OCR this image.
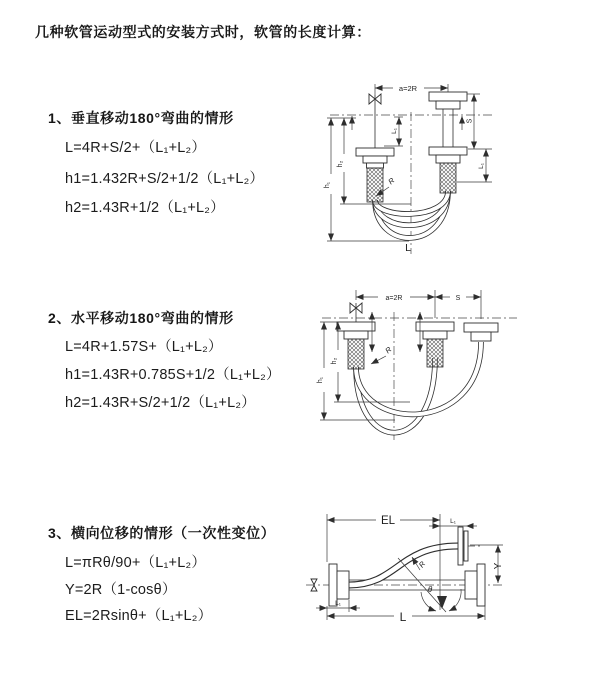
几种软管运动型式的安装方式时，软管的长度计算：
1、垂直移动180°弯曲的情形
L=4R+S/2+（L₁+L₂）
h1=1.432R+S/2+1/2（L₁+L₂）
h2=1.43R+1/2（L₁+L₂）
2、水平移动180°弯曲的情形
L=4R+1.57S+（L₁+L₂）
h1=1.43R+0.785S+1/2（L₁+L₂）
h2=1.43R+S/2+1/2（L₁+L₂）
3、横向位移的情形（一次性变位）
L=πRθ/90+（L₁+L₂）
Y=2R（1-cosθ）
EL=2Rsinθ+（L₁+L₂）
a=2R
L₁
S
L₁
h₁
h₂
R
L
a=2R	S
h₁
h₂
R
EL	L₁
Y
R
θ
L₁
L
